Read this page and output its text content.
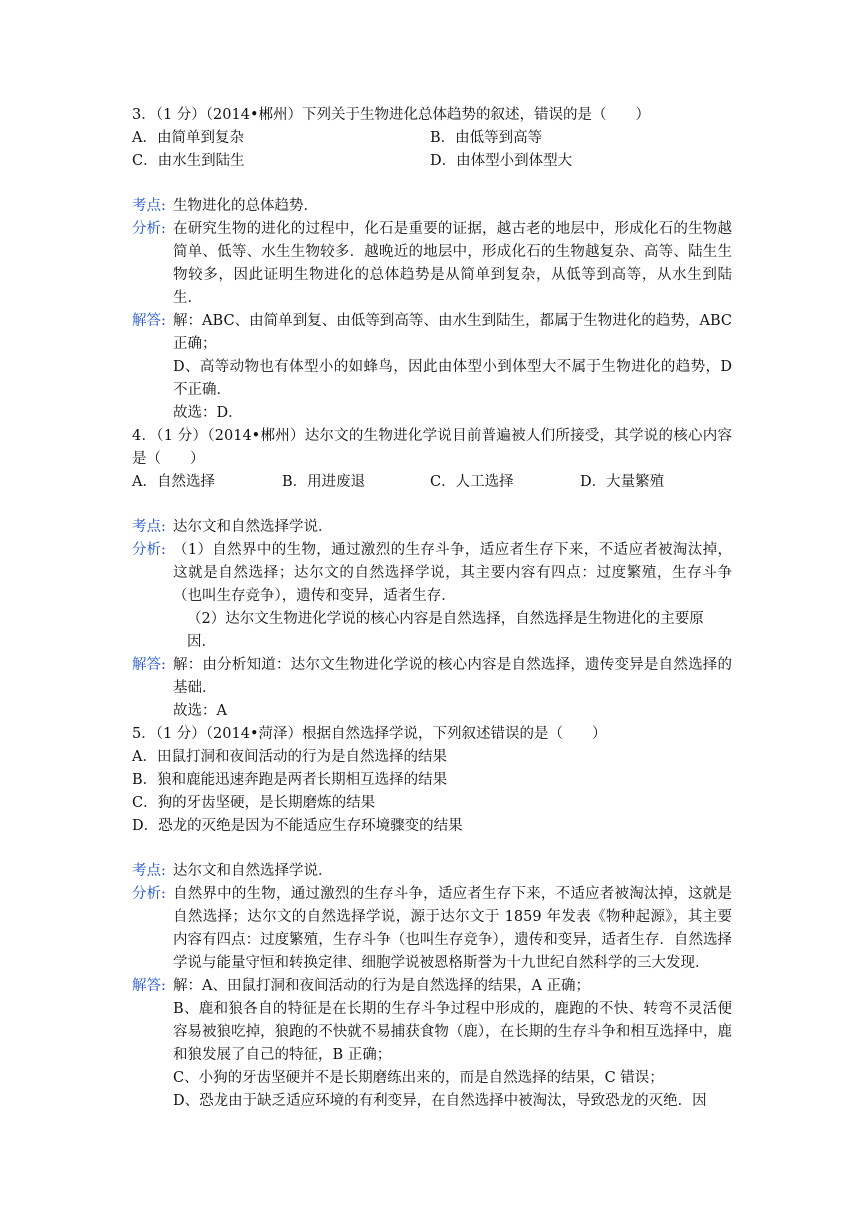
3．（1 分）（2014•郴州）下列关于生物进化总体趋势的叙述，错误的是（　　）

A．由简单到复杂	B．由低等到高等
C．由水生到陆生	D．由体型小到体型大
考点: 生物进化的总体趋势．
分析: 在研究生物的进化的过程中，化石是重要的证据，越古老的地层中，形成化石的生物越简单、低等、水生生物较多．越晚近的地层中，形成化石的生物越复杂、高等、陆生生物较多，因此证明生物进化的总体趋势是从简单到复杂，从低等到高等，从水生到陆生．
解答: 解：ABC、由简单到复、由低等到高等、由水生到陆生，都属于生物进化的趋势，ABC 正确；

D、高等动物也有体型小的如蜂鸟，因此由体型小到体型大不属于生物进化的趋势，D 不正确．

故选：D．

4．（1 分）（2014•郴州）达尔文的生物进化学说目前普遍被人们所接受，其学说的核心内容是（　　）

A．自然选择	B．用进废退	C．人工选择	D．大量繁殖
考点: 达尔文和自然选择学说．
分析: （1）自然界中的生物，通过激烈的生存斗争，适应者生存下来，不适应者被淘汰掉，这就是自然选择；达尔文的自然选择学说，其主要内容有四点：过度繁殖，生存斗争（也叫生存竞争），遗传和变异，适者生存．

（2）达尔文生物进化学说的核心内容是自然选择，自然选择是生物进化的主要原因．

解答: 解：由分析知道：达尔文生物进化学说的核心内容是自然选择，遗传变异是自然选择的基础．

故选：A

5．（1 分）（2014•菏泽）根据自然选择学说，下列叙述错误的是（　　）

A．田鼠打洞和夜间活动的行为是自然选择的结果

B．狼和鹿能迅速奔跑是两者长期相互选择的结果

C．狗的牙齿坚硬，是长期磨炼的结果

D．恐龙的灭绝是因为不能适应生存环境骤变的结果

考点: 达尔文和自然选择学说．
分析: 自然界中的生物，通过激烈的生存斗争，适应者生存下来，不适应者被淘汰掉，这就是自然选择；达尔文的自然选择学说，源于达尔文于 1859 年发表《物种起源》，其主要内容有四点：过度繁殖，生存斗争（也叫生存竞争），遗传和变异，适者生存．自然选择学说与能量守恒和转换定律、细胞学说被恩格斯誉为十九世纪自然科学的三大发现．
解答: 解：A、田鼠打洞和夜间活动的行为是自然选择的结果，A 正确；

B、鹿和狼各自的特征是在长期的生存斗争过程中形成的，鹿跑的不快、转弯不灵活便容易被狼吃掉，狼跑的不快就不易捕获食物（鹿），在长期的生存斗争和相互选择中，鹿和狼发展了自己的特征，B 正确；

C、小狗的牙齿坚硬并不是长期磨练出来的，而是自然选择的结果，C 错误；

D、恐龙由于缺乏适应环境的有利变异，在自然选择中被淘汰，导致恐龙的灭绝．因
